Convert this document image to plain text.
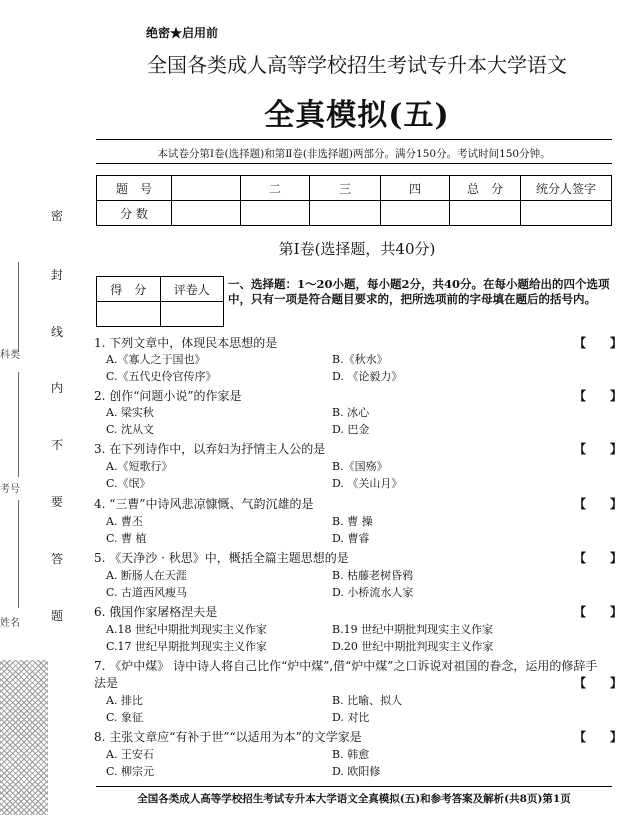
绝密★启用前
全国各类成人高等学校招生考试专升本大学语文
全真模拟(五)
本试卷分第Ⅰ卷(选择题)和第Ⅱ卷(非选择题)两部分。满分150分。考试时间150分钟。
题　号		二	三	四	总　分	统分人签字
分 数						
第Ⅰ卷(选择题，共40分)
得　分	评卷人
	一、选择题：1～20小题，每小题2分，共40分。在每小题给出的四个选项中，只有一项是符合题目要求的，把所选项前的字母填在题后的括号内。
科类
考号
姓名
密
封
线
内
不
要
答
题
1. 下列文章中，体现民本思想的是	【　　】
A.《寡人之于国也》	B.《秋水》
C.《五代史伶官传序》	D. 《论毅力》
2. 创作“问题小说”的作家是	【　　】
A. 梁实秋	B. 冰心
C. 沈从文	D. 巴金
3. 在下列诗作中，以弃妇为抒情主人公的是	【　　】
A.《短歌行》	B.《国殇》
C.《氓》	D. 《关山月》
4. “三曹”中诗风悲凉慷慨、气韵沉雄的是	【　　】
A. 曹丕	B. 曹 操
C. 曹 植	D. 曹睿
5. 《天净沙 · 秋思》中，概括全篇主题思想的是	【　　】
A. 断肠人在天涯	B. 枯藤老树昏鸦
C. 古道西风瘦马	D. 小桥流水人家
6. 俄国作家屠格涅夫是	【　　】
A.18 世纪中期批判现实主义作家	B.19 世纪中期批判现实主义作家
C.17 世纪早期批判现实主义作家	D.20 世纪中期批判现实主义作家
7. 《炉中煤》 诗中诗人将自己比作“炉中煤”,借“炉中煤”之口诉说对祖国的眷念，运用的修辞手
法是	【　　】
A. 排比	B. 比喻、拟人
C. 象征	D. 对比
8. 主张文章应“有补于世”“以适用为本”的文学家是	【　　】
A. 王安石	B. 韩愈
C. 柳宗元	D. 欧阳修
全国各类成人高等学校招生考试专升本大学语文全真模拟(五)和参考答案及解析(共8页)第1页
